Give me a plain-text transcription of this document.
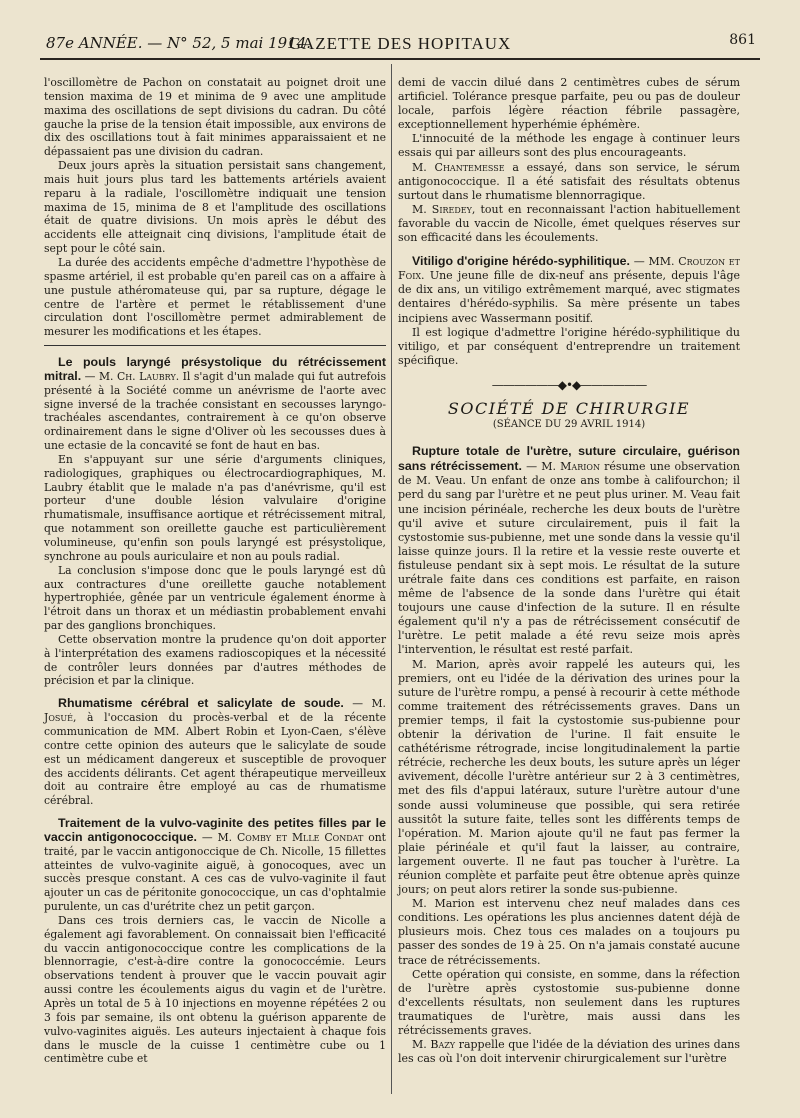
87e ANNÉE. — N° 52, 5 mai 1914.
GAZETTE DES HOPITAUX	861

l'oscillomètre de Pachon on constatait au poignet droit une tension maxima de 19 et minima de 9 avec une amplitude maxima des oscillations de sept divisions du cadran. Du côté gauche la prise de la tension était impossible, aux environs de dix des oscillations tout à fait minimes apparaissaient et ne dépassaient pas une division du cadran.

Deux jours après la situation persistait sans changement, mais huit jours plus tard les battements artériels avaient reparu à la radiale, l'oscillomètre indiquait une tension maxima de 15, minima de 8 et l'amplitude des oscillations était de quatre divisions. Un mois après le début des accidents elle atteignait cinq divisions, l'amplitude était de sept pour le côté sain.

La durée des accidents empêche d'admettre l'hypothèse de spasme artériel, il est probable qu'en pareil cas on a affaire à une pustule athéromateuse qui, par sa rupture, dégage le centre de l'artère et permet le rétablissement d'une circulation dont l'oscillomètre permet admirablement de mesurer les modifications et les étapes.

Le pouls laryngé présystolique du rétrécissement mitral. — M. Ch. Laubry. Il s'agit d'un malade qui fut autrefois présenté à la Société comme un anévrisme de l'aorte avec signe inversé de la trachée consistant en secousses laryngo-trachéales ascendantes, contrairement à ce qu'on observe ordinairement dans le signe d'Oliver où les secousses dues à une ectasie de la concavité se font de haut en bas.

En s'appuyant sur une série d'arguments cliniques, radiologiques, graphiques ou électrocardiographiques, M. Laubry établit que le malade n'a pas d'anévrisme, qu'il est porteur d'une double lésion valvulaire d'origine rhumatismale, insuffisance aortique et rétrécissement mitral, que notamment son oreillette gauche est particulièrement volumineuse, qu'enfin son pouls laryngé est présystolique, synchrone au pouls auriculaire et non au pouls radial.

La conclusion s'impose donc que le pouls laryngé est dû aux contractures d'une oreillette gauche notablement hypertrophiée, gênée par un ventricule également énorme à l'étroit dans un thorax et un médiastin probablement envahi par des ganglions bronchiques.

Cette observation montre la prudence qu'on doit apporter à l'interprétation des examens radioscopiques et la nécessité de contrôler leurs données par d'autres méthodes de précision et par la clinique.

Rhumatisme cérébral et salicylate de soude. — M. Josué, à l'occasion du procès-verbal et de la récente communication de MM. Albert Robin et Lyon-Caen, s'élève contre cette opinion des auteurs que le salicylate de soude est un médicament dangereux et susceptible de provoquer des accidents délirants. Cet agent thérapeutique merveilleux doit au contraire être employé au cas de rhumatisme cérébral.

Traitement de la vulvo-vaginite des petites filles par le vaccin antigonococcique. — M. Comby et Mlle Condat ont traité, par le vaccin antigonoccique de Ch. Nicolle, 15 fillettes atteintes de vulvo-vaginite aiguë, à gonocoques, avec un succès presque constant. A ces cas de vulvo-vaginite il faut ajouter un cas de péritonite gonococcique, un cas d'ophtalmie purulente, un cas d'urétrite chez un petit garçon.

Dans ces trois derniers cas, le vaccin de Nicolle a également agi favorablement. On connaissait bien l'efficacité du vaccin antigonococcique contre les complications de la blennorragie, c'est-à-dire contre la gonococcémie. Leurs observations tendent à prouver que le vaccin pouvait agir aussi contre les écoulements aigus du vagin et de l'urètre. Après un total de 5 à 10 injections en moyenne répétées 2 ou 3 fois par semaine, ils ont obtenu la guérison apparente de vulvo-vaginites aiguës. Les auteurs injectaient à chaque fois dans le muscle de la cuisse 1 centimètre cube ou 1 centimètre cube et

demi de vaccin dilué dans 2 centimètres cubes de sérum artificiel. Tolérance presque parfaite, peu ou pas de douleur locale, parfois légère réaction fébrile passagère, exceptionnellement hyperhémie éphémère.

L'innocuité de la méthode les engage à continuer leurs essais qui par ailleurs sont des plus encourageants.

M. Chantemesse a essayé, dans son service, le sérum antigonococcique. Il a été satisfait des résultats obtenus surtout dans le rhumatisme blennorragique.

M. Siredey, tout en reconnaissant l'action habituellement favorable du vaccin de Nicolle, émet quelques réserves sur son efficacité dans les écoulements.

Vitiligo d'origine hérédo-syphilitique. — MM. Crouzon et Foix. Une jeune fille de dix-neuf ans présente, depuis l'âge de dix ans, un vitiligo extrêmement marqué, avec stigmates dentaires d'hérédo-syphilis. Sa mère présente un tabes incipiens avec Wassermann positif.

Il est logique d'admettre l'origine hérédo-syphilitique du vitiligo, et par conséquent d'entreprendre un traitement spécifique.

——————◆•◆——————
SOCIÉTÉ DE CHIRURGIE
(SÉANCE DU 29 AVRIL 1914)

Rupture totale de l'urètre, suture circulaire, guérison sans rétrécissement. — M. Marion résume une observation de M. Veau. Un enfant de onze ans tombe à califourchon; il perd du sang par l'urètre et ne peut plus uriner. M. Veau fait une incision périnéale, recherche les deux bouts de l'urètre qu'il avive et suture circulairement, puis il fait la cystostomie sus-pubienne, met une sonde dans la vessie qu'il laisse quinze jours. Il la retire et la vessie reste ouverte et fistuleuse pendant six à sept mois. Le résultat de la suture urétrale faite dans ces conditions est parfaite, en raison même de l'absence de la sonde dans l'urètre qui était toujours une cause d'infection de la suture. Il en résulte également qu'il n'y a pas de rétrécissement consécutif de l'urètre. Le petit malade a été revu seize mois après l'intervention, le résultat est resté parfait.

M. Marion, après avoir rappelé les auteurs qui, les premiers, ont eu l'idée de la dérivation des urines pour la suture de l'urètre rompu, a pensé à recourir à cette méthode comme traitement des rétrécissements graves. Dans un premier temps, il fait la cystostomie sus-pubienne pour obtenir la dérivation de l'urine. Il fait ensuite le cathétérisme rétrograde, incise longitudinalement la partie rétrécie, recherche les deux bouts, les suture après un léger avivement, décolle l'urètre antérieur sur 2 à 3 centimètres, met des fils d'appui latéraux, suture l'urètre autour d'une sonde aussi volumineuse que possible, qui sera retirée aussitôt la suture faite, telles sont les différents temps de l'opération. M. Marion ajoute qu'il ne faut pas fermer la plaie périnéale et qu'il faut la laisser, au contraire, largement ouverte. Il ne faut pas toucher à l'urètre. La réunion complète et parfaite peut être obtenue après quinze jours; on peut alors retirer la sonde sus-pubienne.

M. Marion est intervenu chez neuf malades dans ces conditions. Les opérations les plus anciennes datent déjà de plusieurs mois. Chez tous ces malades on a toujours pu passer des sondes de 19 à 25. On n'a jamais constaté aucune trace de rétrécissements.

Cette opération qui consiste, en somme, dans la réfection de l'urètre après cystostomie sus-pubienne donne d'excellents résultats, non seulement dans les ruptures traumatiques de l'urètre, mais aussi dans les rétrécissements graves.

M. Bazy rappelle que l'idée de la déviation des urines dans les cas où l'on doit intervenir chirurgicalement sur l'urètre
